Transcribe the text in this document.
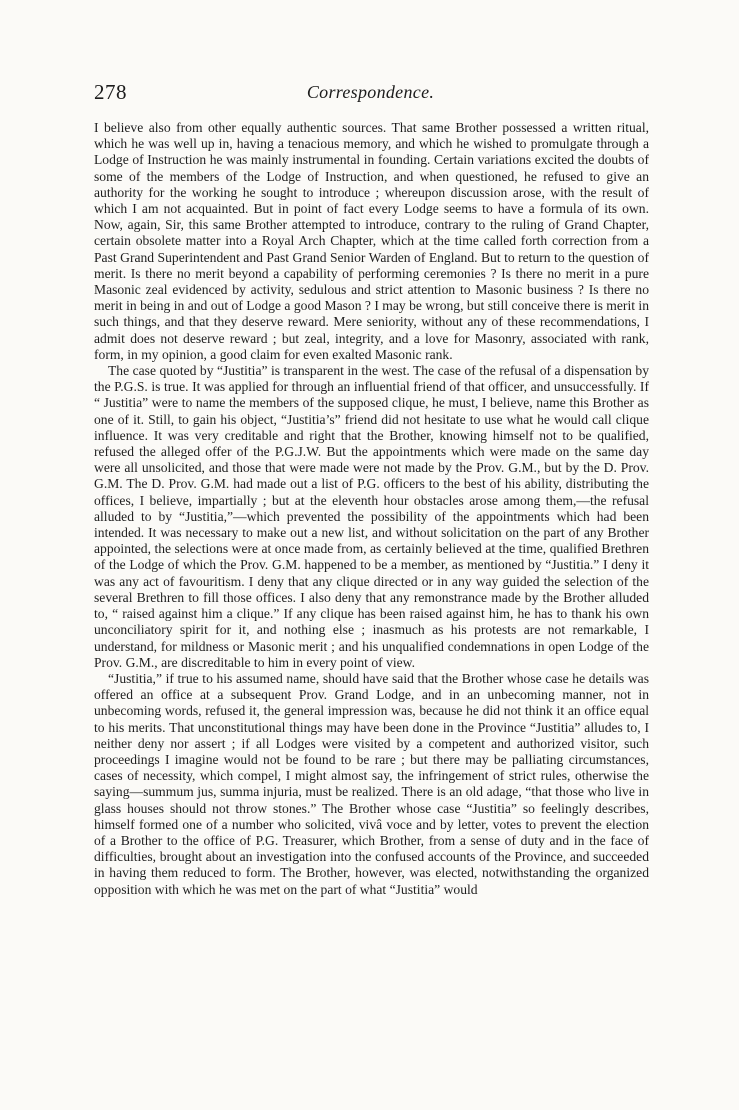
278	Correspondence.

I believe also from other equally authentic sources. That same Brother possessed a written ritual, which he was well up in, having a tenacious memory, and which he wished to promulgate through a Lodge of Instruction he was mainly instrumental in founding. Certain variations excited the doubts of some of the members of the Lodge of Instruction, and when questioned, he refused to give an authority for the working he sought to introduce ; whereupon discussion arose, with the result of which I am not acquainted. But in point of fact every Lodge seems to have a formula of its own. Now, again, Sir, this same Brother attempted to introduce, contrary to the ruling of Grand Chapter, certain obsolete matter into a Royal Arch Chapter, which at the time called forth correction from a Past Grand Superintendent and Past Grand Senior Warden of England. But to return to the question of merit. Is there no merit beyond a capability of performing ceremonies ? Is there no merit in a pure Masonic zeal evidenced by activity, sedulous and strict attention to Masonic business ? Is there no merit in being in and out of Lodge a good Mason ? I may be wrong, but still conceive there is merit in such things, and that they deserve reward. Mere seniority, without any of these recommendations, I admit does not deserve reward ; but zeal, integrity, and a love for Masonry, associated with rank, form, in my opinion, a good claim for even exalted Masonic rank.

The case quoted by “Justitia” is transparent in the west. The case of the refusal of a dispensation by the P.G.S. is true. It was applied for through an influential friend of that officer, and unsuccessfully. If “ Justitia” were to name the members of the supposed clique, he must, I believe, name this Brother as one of it. Still, to gain his object, “Justitia’s” friend did not hesitate to use what he would call clique influence. It was very creditable and right that the Brother, knowing himself not to be qualified, refused the alleged offer of the P.G.J.W. But the appointments which were made on the same day were all unsolicited, and those that were made were not made by the Prov. G.M., but by the D. Prov. G.M. The D. Prov. G.M. had made out a list of P.G. officers to the best of his ability, distributing the offices, I believe, impartially ; but at the eleventh hour obstacles arose among them,—the refusal alluded to by “Justitia,”—which prevented the possibility of the appointments which had been intended. It was necessary to make out a new list, and without solicitation on the part of any Brother appointed, the selections were at once made from, as certainly believed at the time, qualified Brethren of the Lodge of which the Prov. G.M. happened to be a member, as mentioned by “Justitia.” I deny it was any act of favouritism. I deny that any clique directed or in any way guided the selection of the several Brethren to fill those offices. I also deny that any remonstrance made by the Brother alluded to, “ raised against him a clique.” If any clique has been raised against him, he has to thank his own unconciliatory spirit for it, and nothing else ; inasmuch as his protests are not remarkable, I understand, for mildness or Masonic merit ; and his unqualified condemnations in open Lodge of the Prov. G.M., are discreditable to him in every point of view.

“Justitia,” if true to his assumed name, should have said that the Brother whose case he details was offered an office at a subsequent Prov. Grand Lodge, and in an unbecoming manner, not in unbecoming words, refused it, the general impression was, because he did not think it an office equal to his merits. That unconstitutional things may have been done in the Province “Justitia” alludes to, I neither deny nor assert ; if all Lodges were visited by a competent and authorized visitor, such proceedings I imagine would not be found to be rare ; but there may be palliating circumstances, cases of necessity, which compel, I might almost say, the infringement of strict rules, otherwise the saying—summum jus, summa injuria, must be realized. There is an old adage, “that those who live in glass houses should not throw stones.” The Brother whose case “Justitia” so feelingly describes, himself formed one of a number who solicited, vivâ voce and by letter, votes to prevent the election of a Brother to the office of P.G. Treasurer, which Brother, from a sense of duty and in the face of difficulties, brought about an investigation into the confused accounts of the Province, and succeeded in having them reduced to form. The Brother, however, was elected, notwithstanding the organized opposition with which he was met on the part of what “Justitia” would
